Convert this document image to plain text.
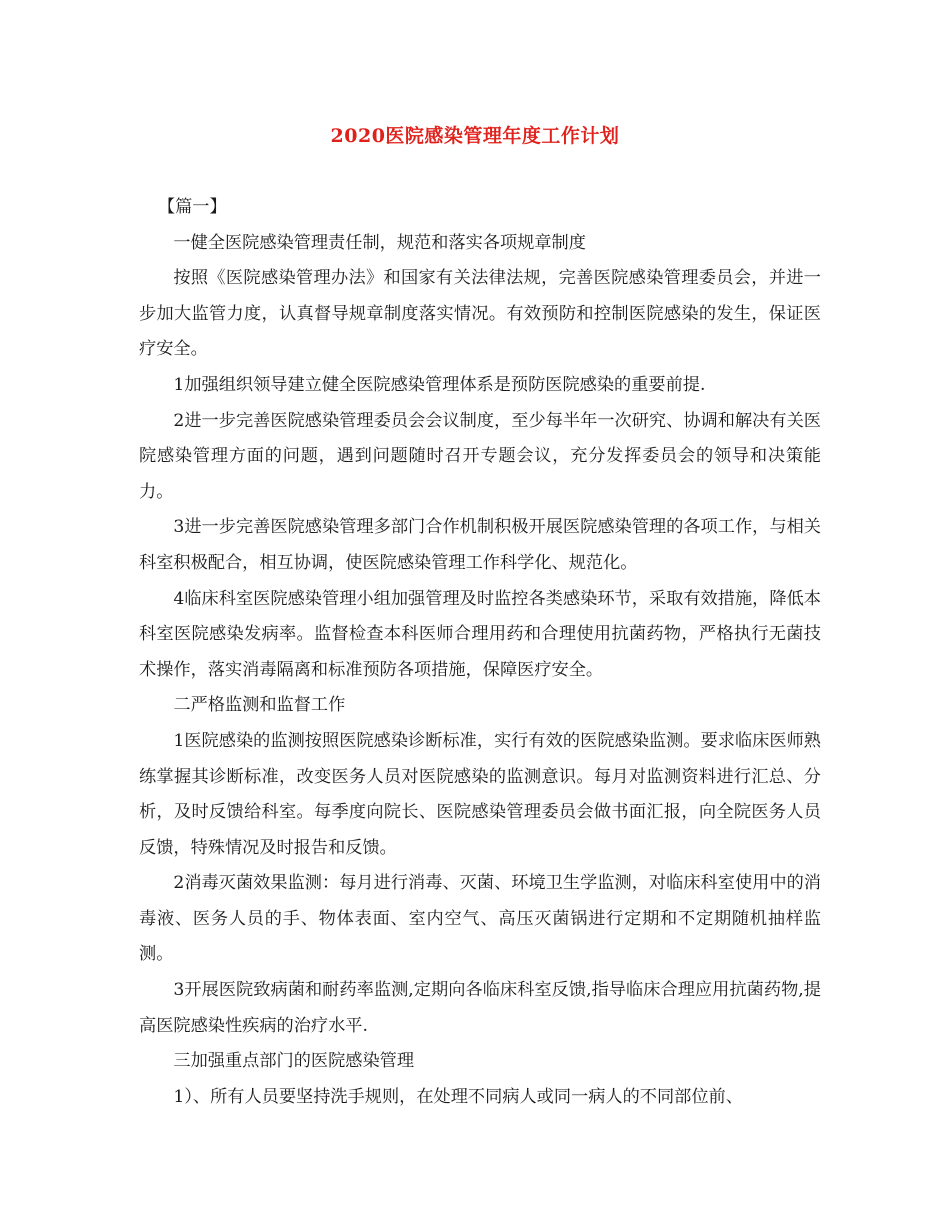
2020医院感染管理年度工作计划

【篇一】

一健全医院感染管理责任制，规范和落实各项规章制度

按照《医院感染管理办法》和国家有关法律法规，完善医院感染管理委员会，并进一步加大监管力度，认真督导规章制度落实情况。有效预防和控制医院感染的发生，保证医疗安全。

1加强组织领导建立健全医院感染管理体系是预防医院感染的重要前提.

2进一步完善医院感染管理委员会会议制度，至少每半年一次研究、协调和解决有关医院感染管理方面的问题，遇到问题随时召开专题会议，充分发挥委员会的领导和决策能力。

3进一步完善医院感染管理多部门合作机制积极开展医院感染管理的各项工作，与相关科室积极配合，相互协调，使医院感染管理工作科学化、规范化。

4临床科室医院感染管理小组加强管理及时监控各类感染环节，采取有效措施，降低本科室医院感染发病率。监督检查本科医师合理用药和合理使用抗菌药物，严格执行无菌技术操作，落实消毒隔离和标准预防各项措施，保障医疗安全。

二严格监测和监督工作

1医院感染的监测按照医院感染诊断标准，实行有效的医院感染监测。要求临床医师熟练掌握其诊断标准，改变医务人员对医院感染的监测意识。每月对监测资料进行汇总、分析，及时反馈给科室。每季度向院长、医院感染管理委员会做书面汇报，向全院医务人员反馈，特殊情况及时报告和反馈。

2消毒灭菌效果监测：每月进行消毒、灭菌、环境卫生学监测，对临床科室使用中的消毒液、医务人员的手、物体表面、室内空气、高压灭菌锅进行定期和不定期随机抽样监测。

3开展医院致病菌和耐药率监测,定期向各临床科室反馈,指导临床合理应用抗菌药物,提高医院感染性疾病的治疗水平.

三加强重点部门的医院感染管理

1）、所有人员要坚持洗手规则，在处理不同病人或同一病人的不同部位前、
